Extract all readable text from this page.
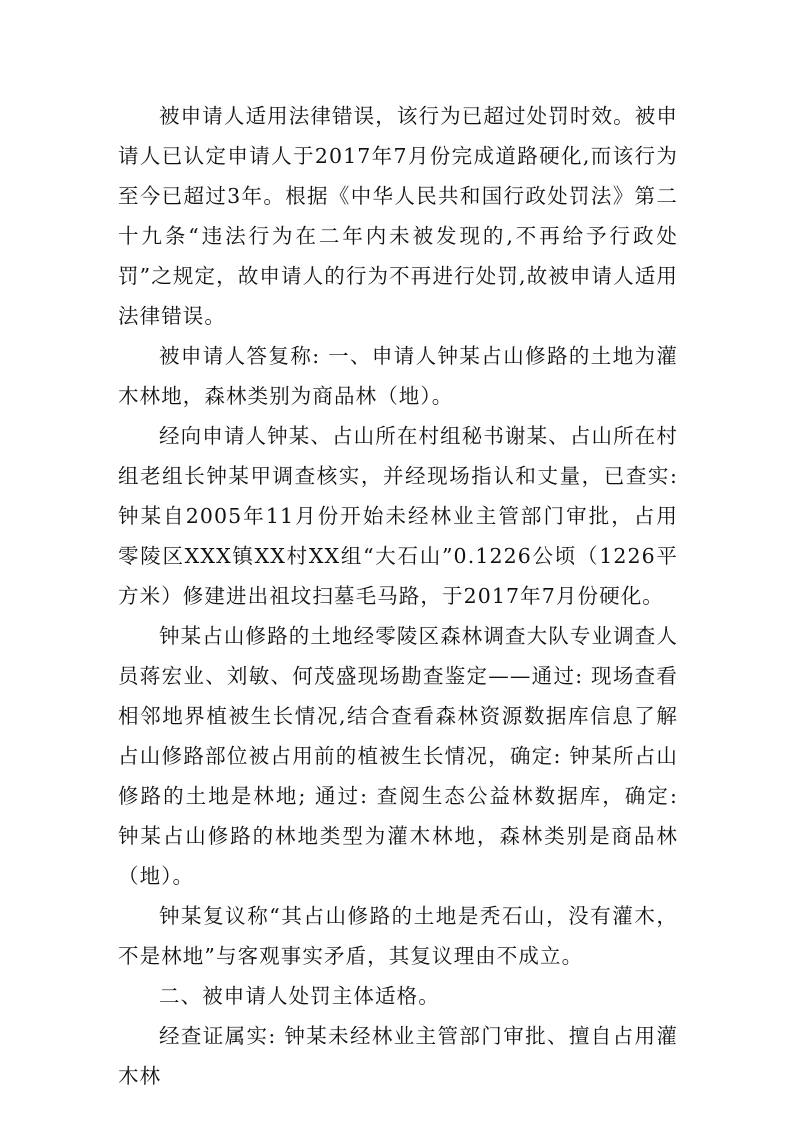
被申请人适用法律错误，该行为已超过处罚时效。被申请人已认定申请人于2017年7月份完成道路硬化,而该行为至今已超过3年。根据《中华人民共和国行政处罚法》第二十九条“违法行为在二年内未被发现的,不再给予行政处罚”之规定，故申请人的行为不再进行处罚,故被申请人适用法律错误。

被申请人答复称: 一、申请人钟某占山修路的土地为灌木林地，森林类别为商品林（地）。

经向申请人钟某、占山所在村组秘书谢某、占山所在村组老组长钟某甲调查核实，并经现场指认和丈量，已查实: 钟某自2005年11月份开始未经林业主管部门审批，占用零陵区XXX镇XX村XX组“大石山”0.1226公顷（1226平方米）修建进出祖坟扫墓毛马路，于2017年7月份硬化。

钟某占山修路的土地经零陵区森林调查大队专业调查人员蒋宏业、刘敏、何茂盛现场勘查鉴定——通过: 现场查看相邻地界植被生长情况,结合查看森林资源数据库信息了解占山修路部位被占用前的植被生长情况，确定: 钟某所占山修路的土地是林地; 通过: 查阅生态公益林数据库，确定: 钟某占山修路的林地类型为灌木林地，森林类别是商品林（地）。

钟某复议称“其占山修路的土地是秃石山，没有灌木，不是林地”与客观事实矛盾，其复议理由不成立。

二、被申请人处罚主体适格。

经查证属实: 钟某未经林业主管部门审批、擅自占用灌木林
